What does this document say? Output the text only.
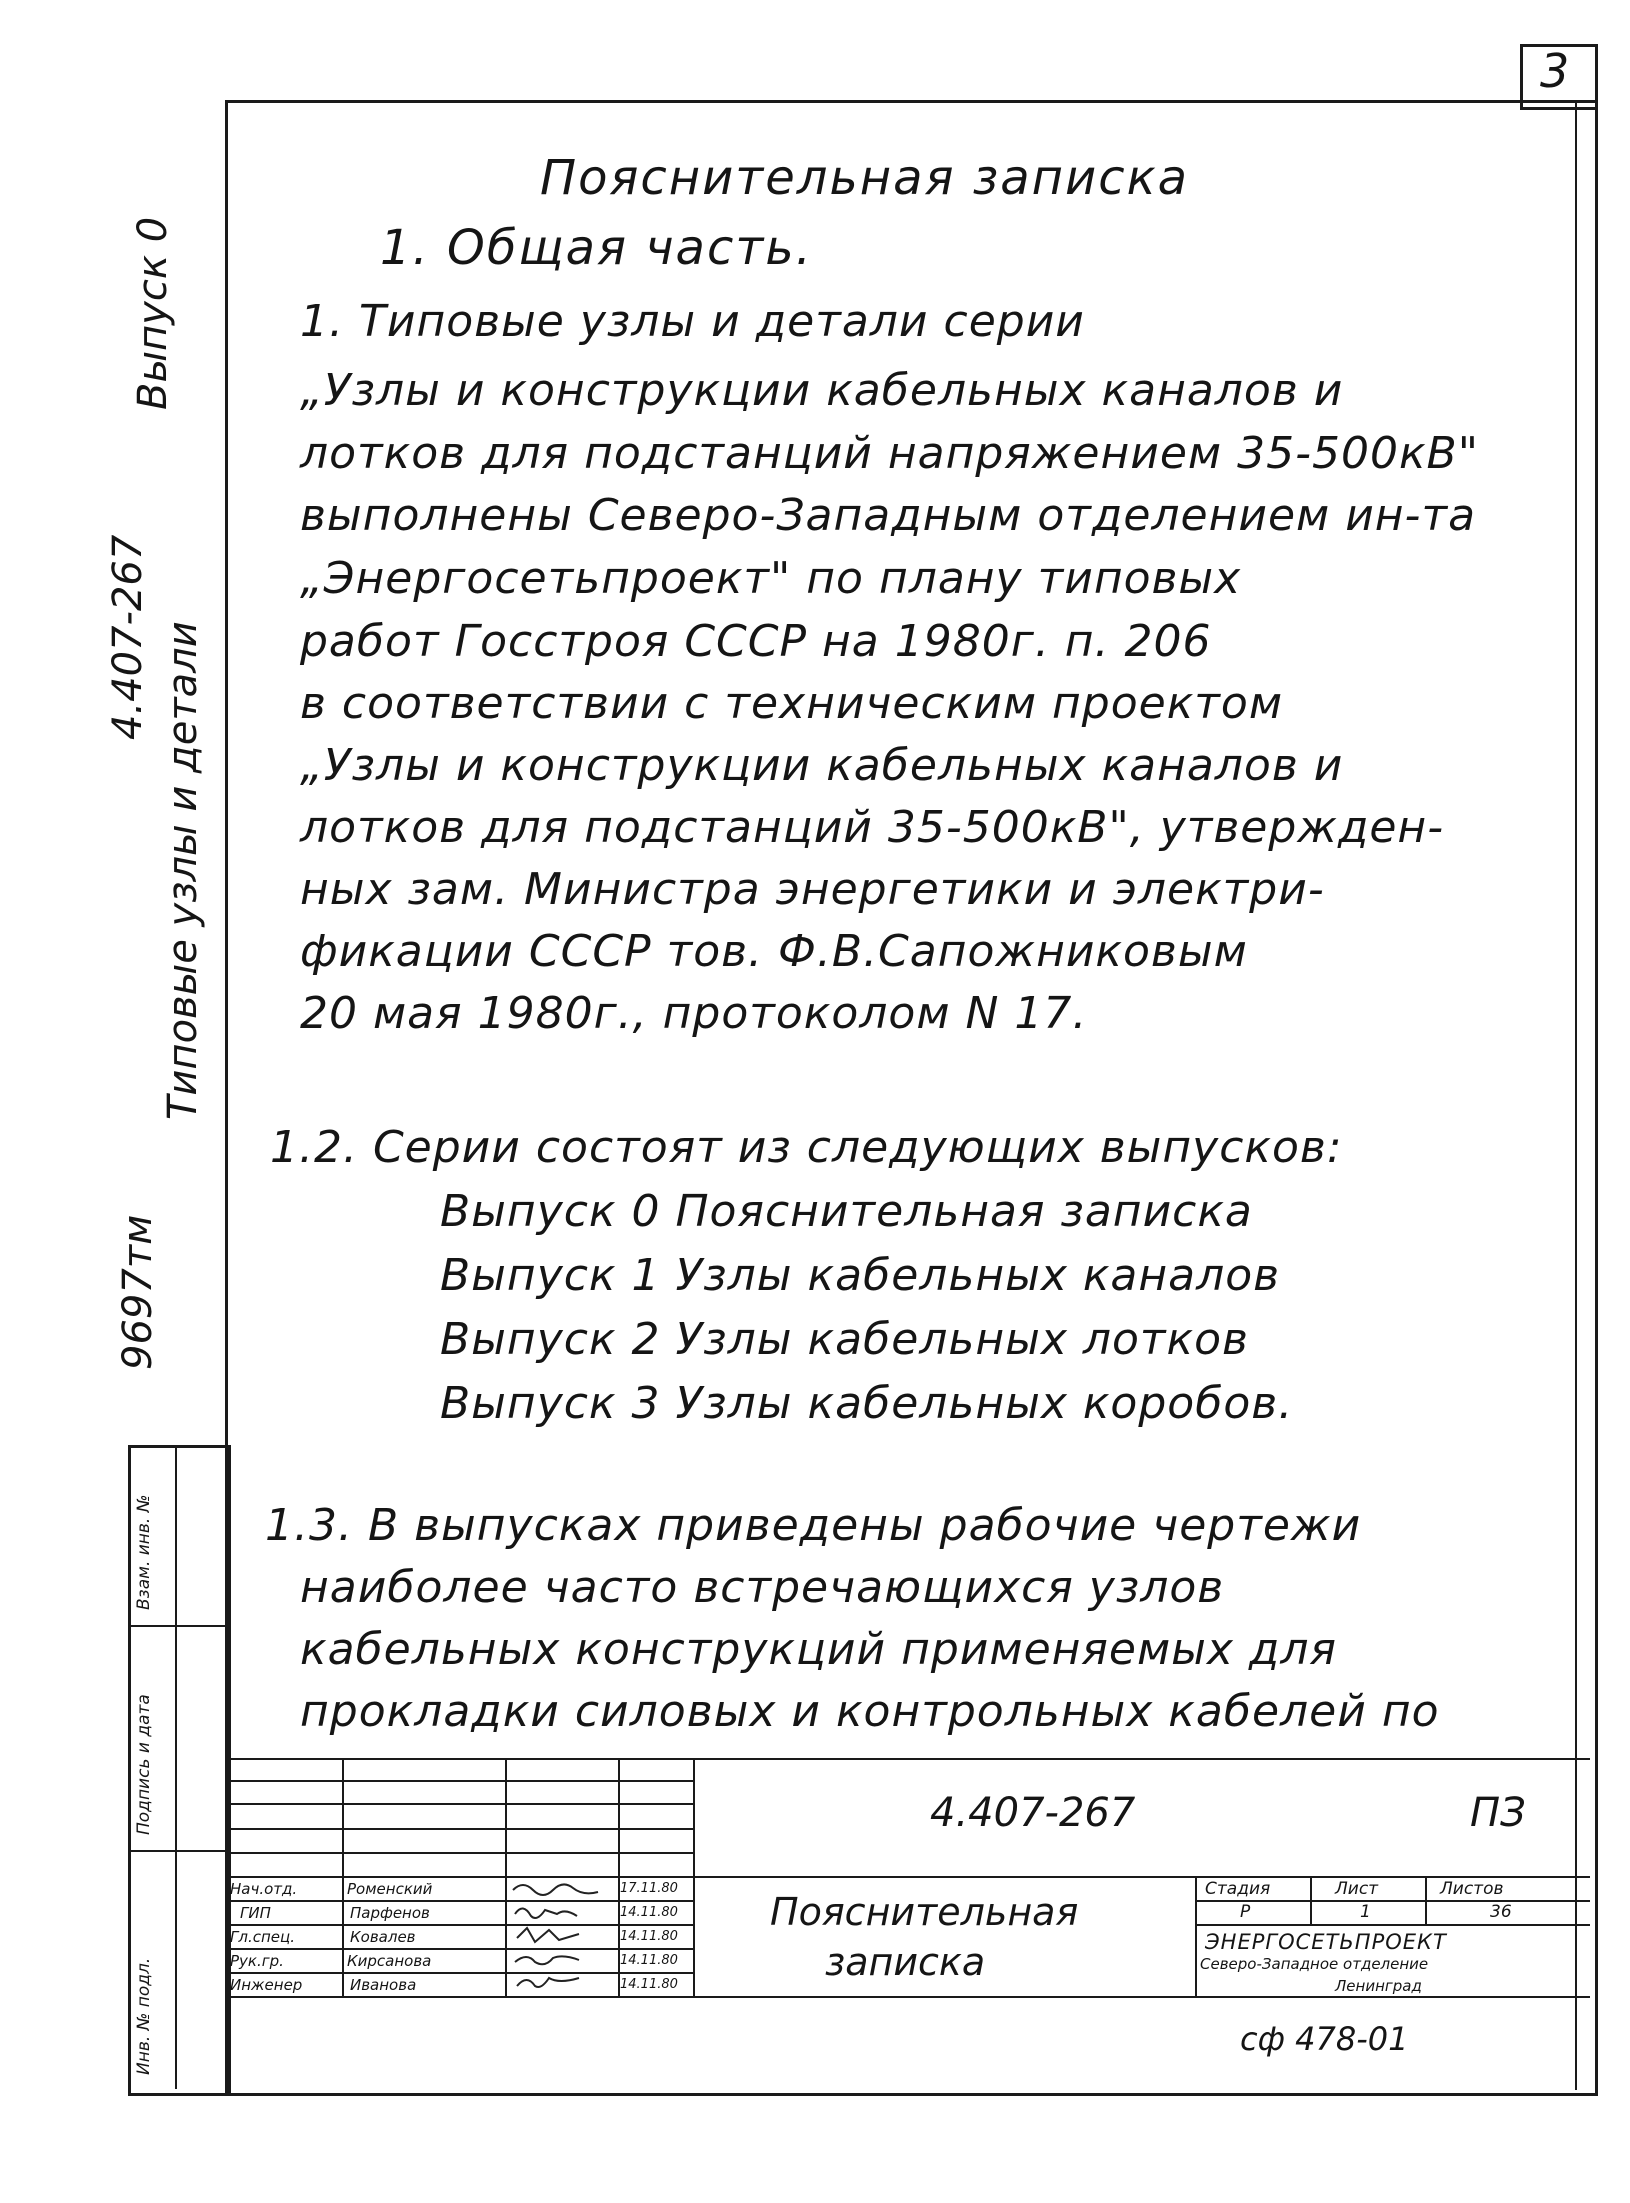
3
Пояснительная записка
1. Общая часть.
1. Типовые узлы и детали серии
„Узлы и конструкции кабельных каналов и
лотков для подстанций напряжением 35-500кВ"
выполнены Северо-Западным отделением ин-та
„Энергосетьпроект" по плану типовых
работ Госстроя СССР на 1980г. п. 206
в соответствии с техническим проектом
„Узлы и конструкции кабельных каналов и
лотков для подстанций 35-500кВ", утвержден-
ных зам. Министра энергетики и электри-
фикации СССР тов. Ф.В.Сапожниковым
20 мая 1980г., протоколом N 17.
1.2. Серии состоят из следующих выпусков:
Выпуск 0 Пояснительная записка
Выпуск 1 Узлы кабельных каналов
Выпуск 2 Узлы кабельных лотков
Выпуск 3 Узлы кабельных коробов.
1.3. В выпусках приведены рабочие чертежи
наиболее часто встречающихся узлов
кабельных конструкций применяемых для
прокладки силовых и контрольных кабелей по
Выпуск 0
4.407-267 Типовые узлы и детали
9697тм
Взам. инв. №
Подпись и дата
Инв. № подл.
4.407-267	ПЗ
Пояснительная
записка
Стадия	Лист	Листов
Р	1	36
ЭНЕРГОСЕТЬПРОЕКТ
Северо-Западное отделение
Ленинград
Нач.отд.	Роменский	17.11.80
ГИП	Парфенов	14.11.80
Гл.спец.	Ковалев	14.11.80
Рук.гр.	Кирсанова	14.11.80
Инженер	Иванова	14.11.80
сф 478-01
